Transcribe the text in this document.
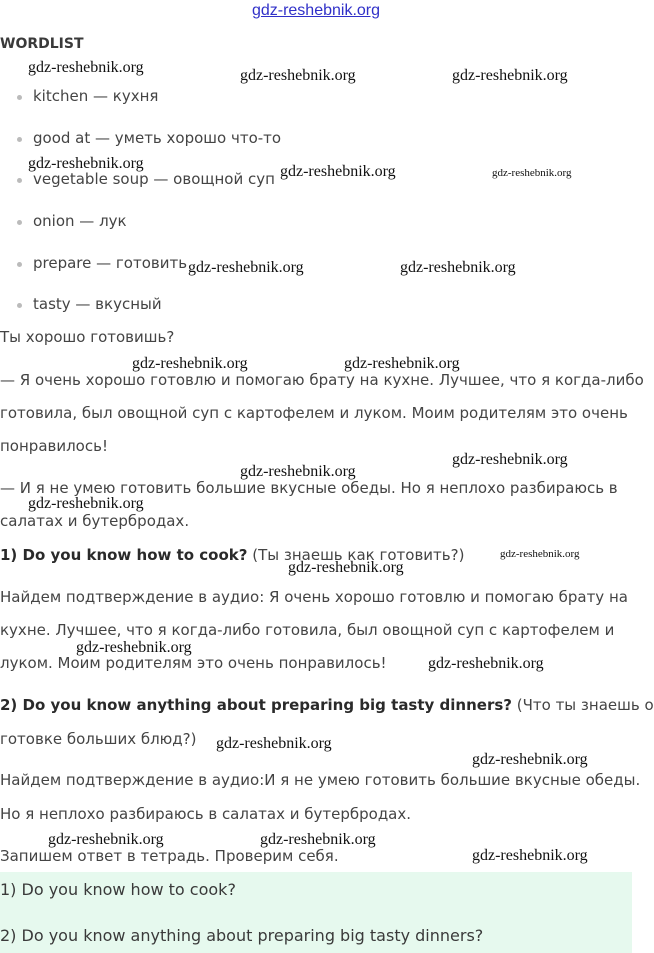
gdz-reshebnik.org
WORDLIST
kitchen — кухня
good at — уметь хорошо что-то
vegetable soup — овощной суп
onion — лук
prepare — готовить
tasty — вкусный
Ты хорошо готовишь?
— Я очень хорошо готовлю и помогаю брату на кухне. Лучшее, что я когда-либо
готовила, был овощной суп с картофелем и луком. Моим родителям это очень
понравилось!
— И я не умею готовить большие вкусные обеды. Но я неплохо разбираюсь в
салатах и бутербродах.
1) Do you know how to cook? (Ты знаешь как готовить?)
Найдем подтверждение в аудио: Я очень хорошо готовлю и помогаю брату на
кухне. Лучшее, что я когда-либо готовила, был овощной суп с картофелем и
луком. Моим родителям это очень понравилось!
2) Do you know anything about preparing big tasty dinners? (Что ты знаешь о
готовке больших блюд?)
Найдем подтверждение в аудио:И я не умею готовить большие вкусные обеды.
Но я неплохо разбираюсь в салатах и бутербродах.
Запишем ответ в тетрадь. Проверим себя.
1) Do you know how to cook?
2) Do you know anything about preparing big tasty dinners?
gdz-reshebnik.org	gdz-reshebnik.org	gdz-reshebnik.org
gdz-reshebnik.org	gdz-reshebnik.org	gdz-reshebnik.org
gdz-reshebnik.org	gdz-reshebnik.org
gdz-reshebnik.org	gdz-reshebnik.org
gdz-reshebnik.org
gdz-reshebnik.org
gdz-reshebnik.org
gdz-reshebnik.org
gdz-reshebnik.org
gdz-reshebnik.org
gdz-reshebnik.org
gdz-reshebnik.org
gdz-reshebnik.org
gdz-reshebnik.org	gdz-reshebnik.org
gdz-reshebnik.org
